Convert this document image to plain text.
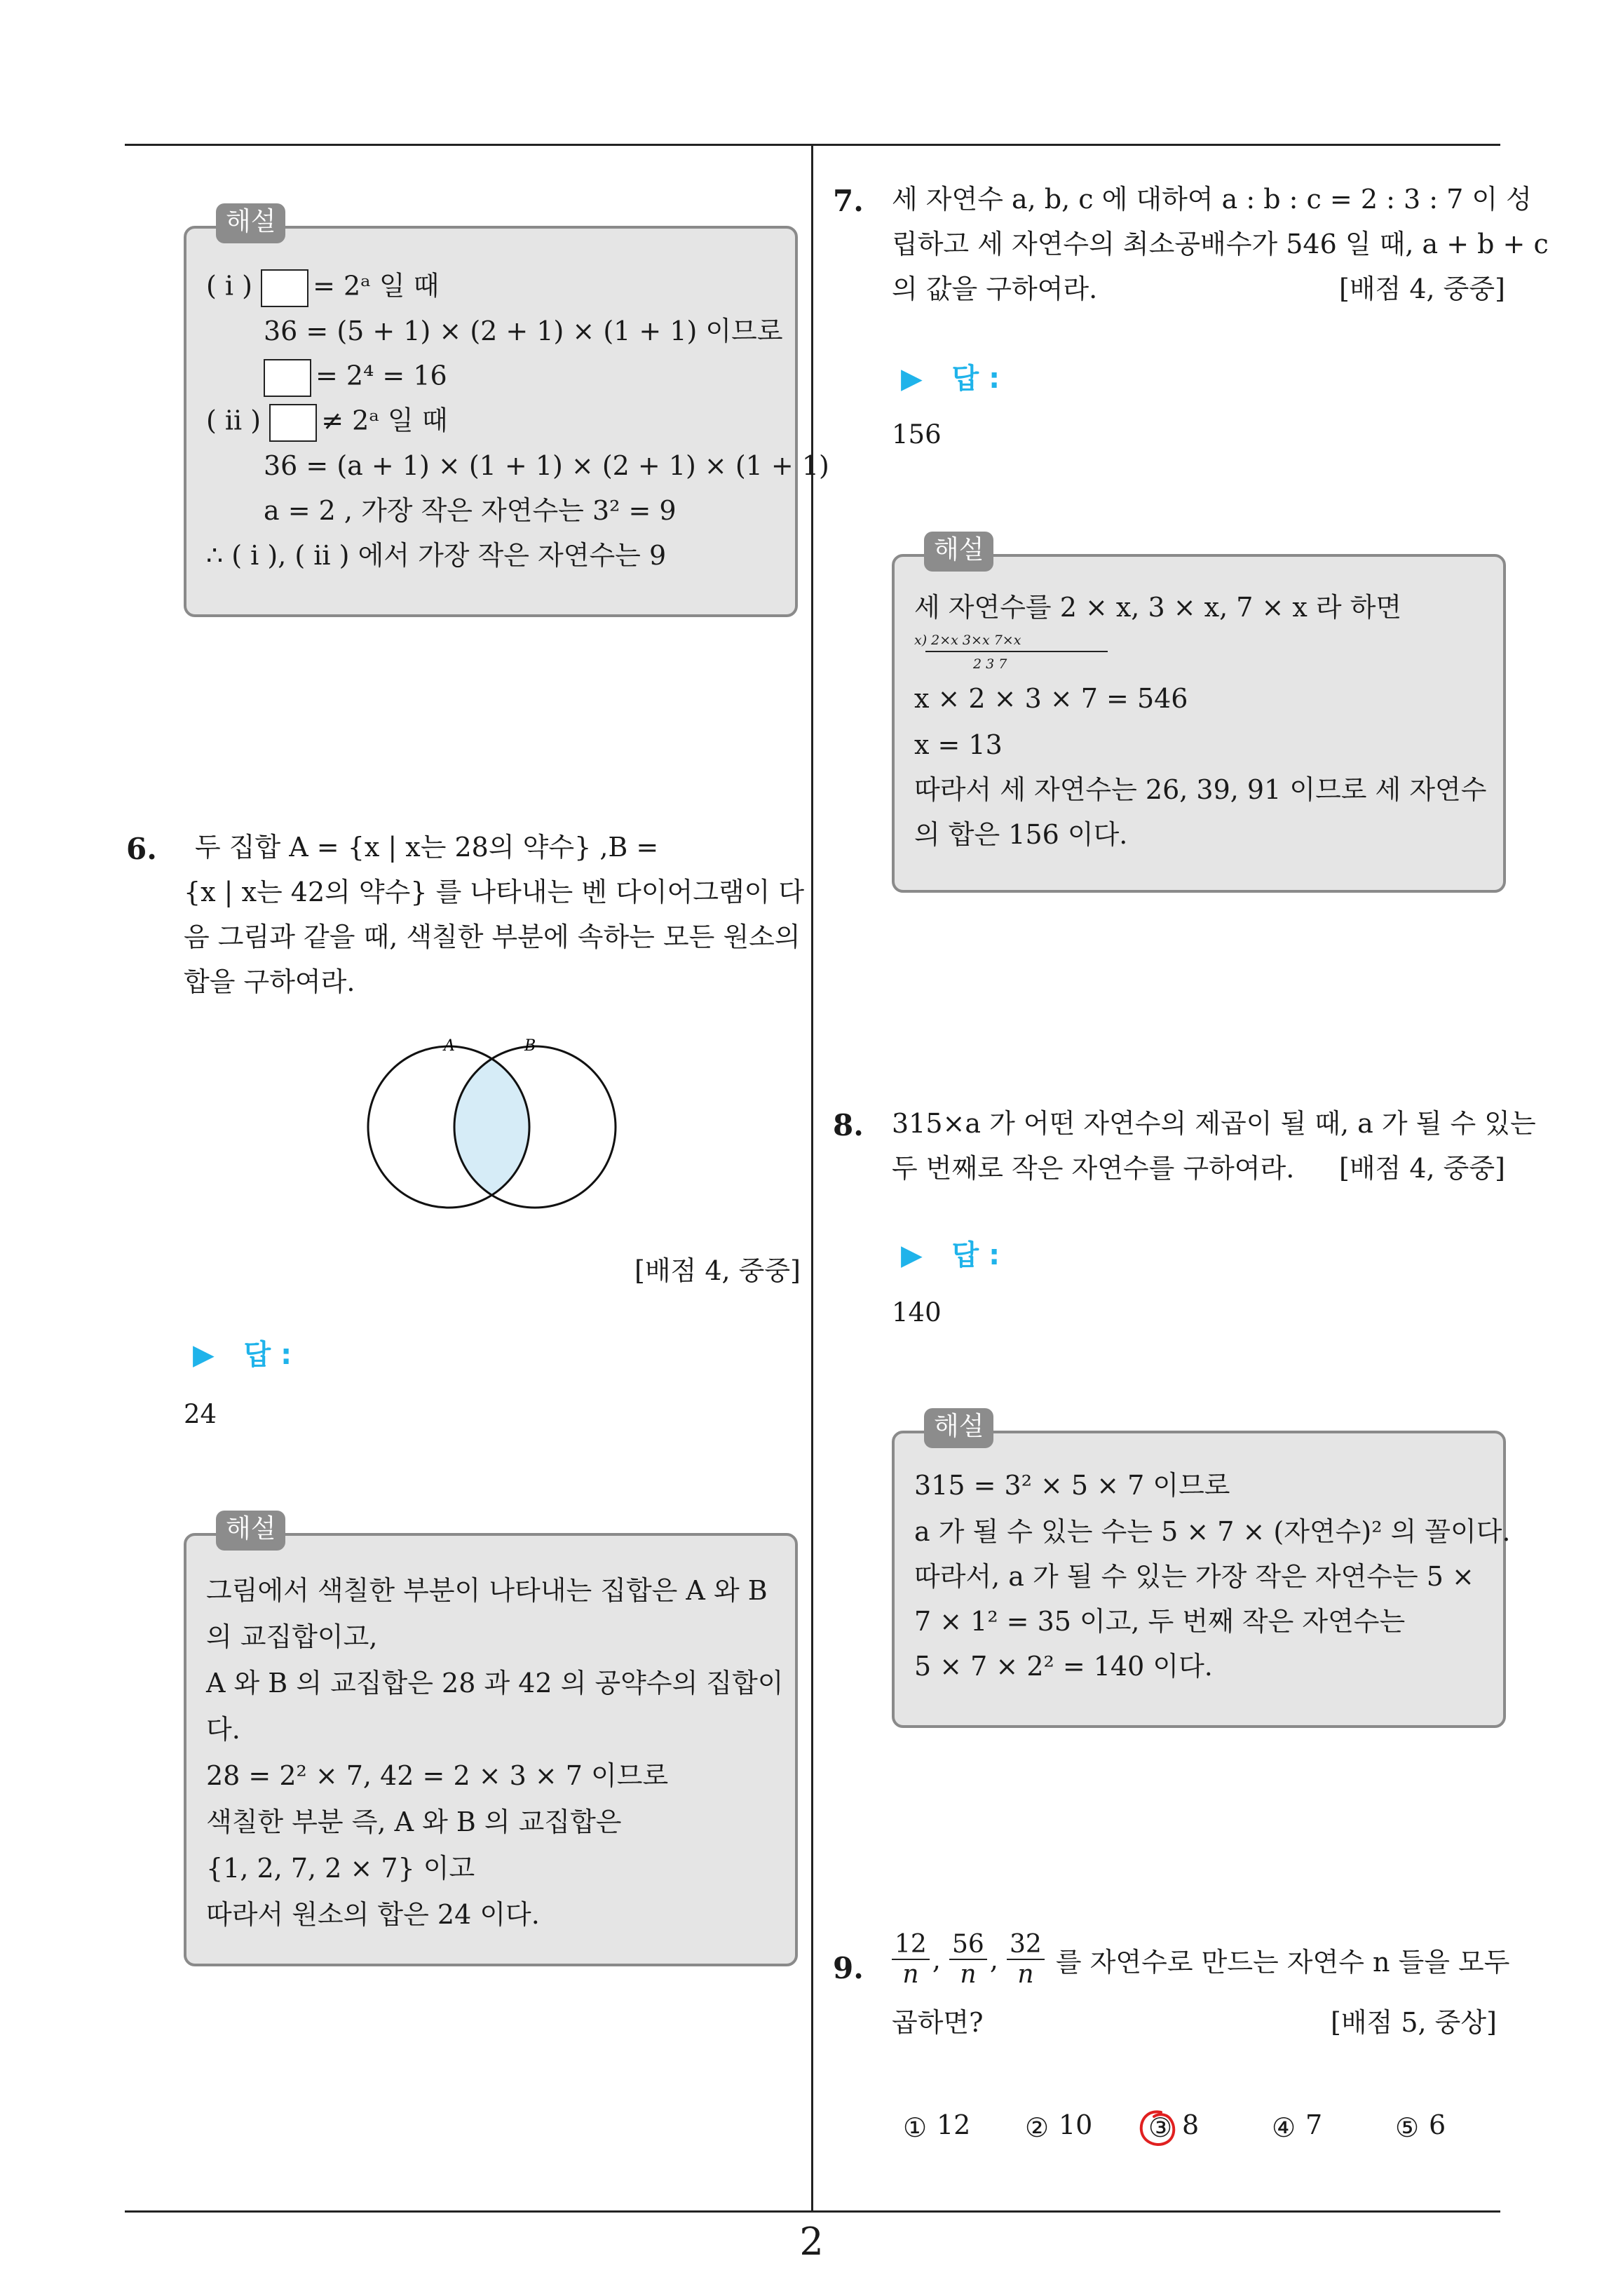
2
해설
( i ) = 2ᵃ 일 때
36 = (5 + 1) × (2 + 1) × (1 + 1) 이므로
= 2⁴ = 16
( ii ) ≠ 2ᵃ 일 때
36 = (a + 1) × (1 + 1) × (2 + 1) × (1 + 1)
a = 2 , 가장 작은 자연수는 3² = 9
∴ ( i ), ( ii ) 에서 가장 작은 자연수는 9
6. 두 집합 A = {x | x는 28의 약수} ,B =
{x | x는 42의 약수} 를 나타내는 벤 다이어그램이 다
음 그림과 같을 때, 색칠한 부분에 속하는 모든 원소의
합을 구하여라.
A	B
[배점 4, 중중]
▶ 답 :
24
해설
그림에서 색칠한 부분이 나타내는 집합은 A 와 B
의 교집합이고,
A 와 B 의 교집합은 28 과 42 의 공약수의 집합이
다.
28 = 2² × 7, 42 = 2 × 3 × 7 이므로
색칠한 부분 즉, A 와 B 의 교집합은
{1, 2, 7, 2 × 7} 이고
따라서 원소의 합은 24 이다.
7. 세 자연수 a, b, c 에 대하여 a : b : c = 2 : 3 : 7 이 성
립하고 세 자연수의 최소공배수가 546 일 때, a + b + c
의 값을 구하여라.	[배점 4, 중중]
▶ 답 :
156
해설
세 자연수를 2 × x, 3 × x, 7 × x 라 하면
x) 2×x 3×x 7×x
2 3 7
x × 2 × 3 × 7 = 546
x = 13
따라서 세 자연수는 26, 39, 91 이므로 세 자연수
의 합은 156 이다.
8. 315×a 가 어떤 자연수의 제곱이 될 때, a 가 될 수 있는
두 번째로 작은 자연수를 구하여라. [배점 4, 중중]
▶ 답 :
140
해설
315 = 3² × 5 × 7 이므로
a 가 될 수 있는 수는 5 × 7 × (자연수)² 의 꼴이다.
따라서, a 가 될 수 있는 가장 작은 자연수는 5 ×
7 × 1² = 35 이고, 두 번째 작은 자연수는
5 × 7 × 2² = 140 이다.
9. $\frac{12}{n}$ , $\frac{56}{n}$ , $\frac{32}{n}$ 를 자연수로 만드는 자연수 n 들을 모두
곱하면?	[배점 5, 중상]
① 12 ② 10 ③ 8	④ 7	⑤ 6
